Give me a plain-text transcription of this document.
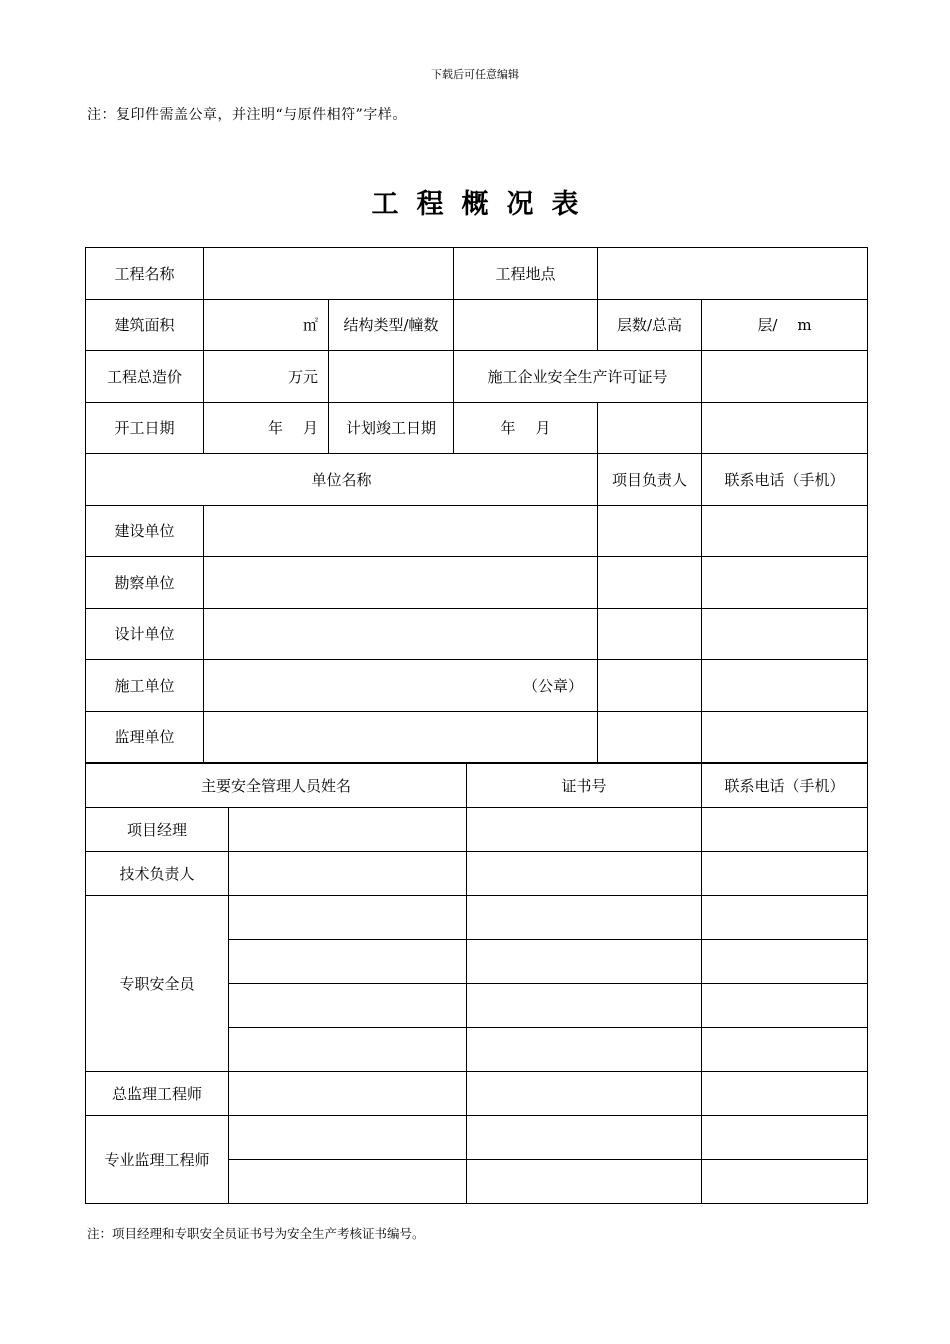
下载后可任意编辑
注：复印件需盖公章，并注明“与原件相符”字样。
工程概况表
工程名称			工程地点		
建筑面积	㎡	结构类型/幢数		层数/总高	层/ m
工程总造价	万元		施工企业安全生产许可证号		
开工日期	年 月	计划竣工日期	年 月		
单位名称				项目负责人	联系电话（手机）
建设单位					
勘察单位					
设计单位					
施工单位	（公章）				
监理单位					
主要安全管理人员姓名		证书号	联系电话（手机）
项目经理			
技术负责人			
专职安全员			

总监理工程师			
专业监理工程师			

注：项目经理和专职安全员证书号为安全生产考核证书编号。
